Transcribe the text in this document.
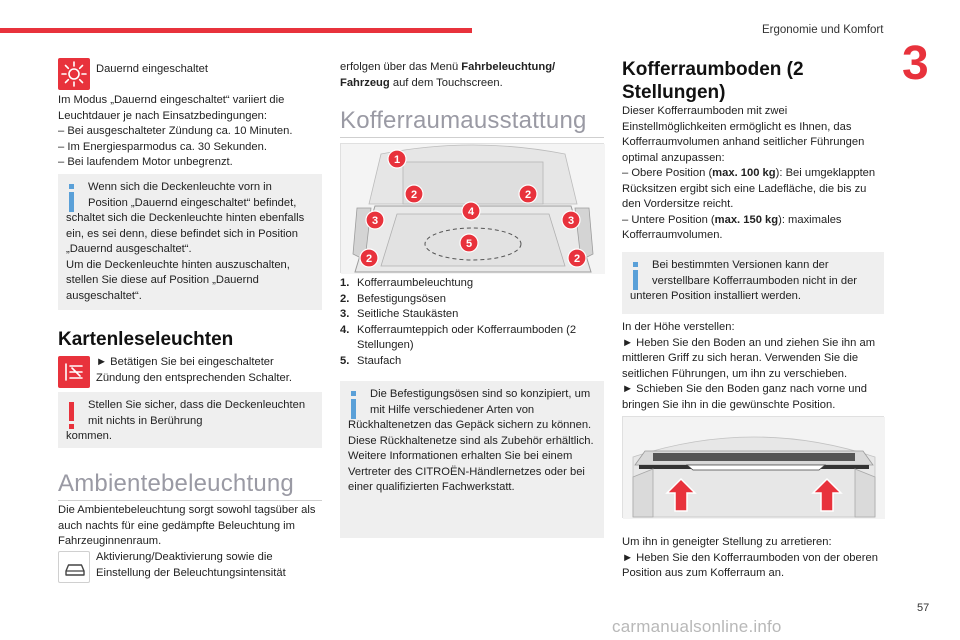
Ergonomie und Komfort
3
Dauernd eingeschaltet

Im Modus „Dauernd eingeschaltet“ variiert die Leuchtdauer je nach Einsatzbedingungen:

– Bei ausgeschalteter Zündung ca. 10 Minuten.

– Im Energiesparmodus ca. 30 Sekunden.

– Bei laufendem Motor unbegrenzt.

Wenn sich die Deckenleuchte vorn in Position „Dauernd eingeschaltet“ befindet,
schaltet sich die Deckenleuchte hinten ebenfalls ein, es sei denn, diese befindet sich in Position „Dauernd ausgeschaltet“.
Um die Deckenleuchte hinten auszuschalten, stellen Sie diese auf Position „Dauernd ausgeschaltet“.
Kartenleseleuchten
► Betätigen Sie bei eingeschalteter Zündung den entsprechenden Schalter.
Stellen Sie sicher, dass die Deckenleuchten mit nichts in Berührung
kommen.
Ambientebeleuchtung
Die Ambientebeleuchtung sorgt sowohl tagsüber als auch nachts für eine gedämpfte Beleuchtung im Fahrzeuginnenraum.
Aktivierung/Deaktivierung sowie die Einstellung der Beleuchtungsintensität
erfolgen über das Menü Fahrbeleuchtung/ Fahrzeug auf dem Touchscreen.
Kofferraumausstattung
1
2	2
3	3
4
5
2	2
1. Kofferraumbeleuchtung
2. Befestigungsösen
3. Seitliche Staukästen
4. Kofferraumteppich oder Kofferraumboden (2 Stellungen)
5. Staufach
Die Befestigungsösen sind so konzipiert, um mit Hilfe verschiedener Arten von
Rückhaltenetzen das Gepäck sichern zu können.
Diese Rückhaltenetze sind als Zubehör erhältlich.
Weitere Informationen erhalten Sie bei einem Vertreter des CITROËN-Händlernetzes oder bei einer qualifizierten Fachwerkstatt.
Kofferraumboden (2 Stellungen)

Dieser Kofferraumboden mit zwei Einstellmöglichkeiten ermöglicht es Ihnen, das Kofferraumvolumen anhand seitlicher Führungen optimal anzupassen:

– Obere Position (max. 100 kg): Bei umgeklappten Rücksitzen ergibt sich eine Ladefläche, die bis zu den Vordersitze reicht.

– Untere Position (max. 150 kg): maximales Kofferraumvolumen.

Bei bestimmten Versionen kann der verstellbare Kofferraumboden nicht in der
unteren Position installiert werden.

In der Höhe verstellen:

► Heben Sie den Boden an und ziehen Sie ihn am mittleren Griff zu sich heran. Verwenden Sie die seitlichen Führungen, um ihn zu verschieben.
► Schieben Sie den Boden ganz nach vorne und bringen Sie ihn in die gewünschte Position.

Um ihn in geneigter Stellung zu arretieren:
► Heben Sie den Kofferraumboden von der oberen Position aus zum Kofferraum an.
57
carmanualsonline.info
